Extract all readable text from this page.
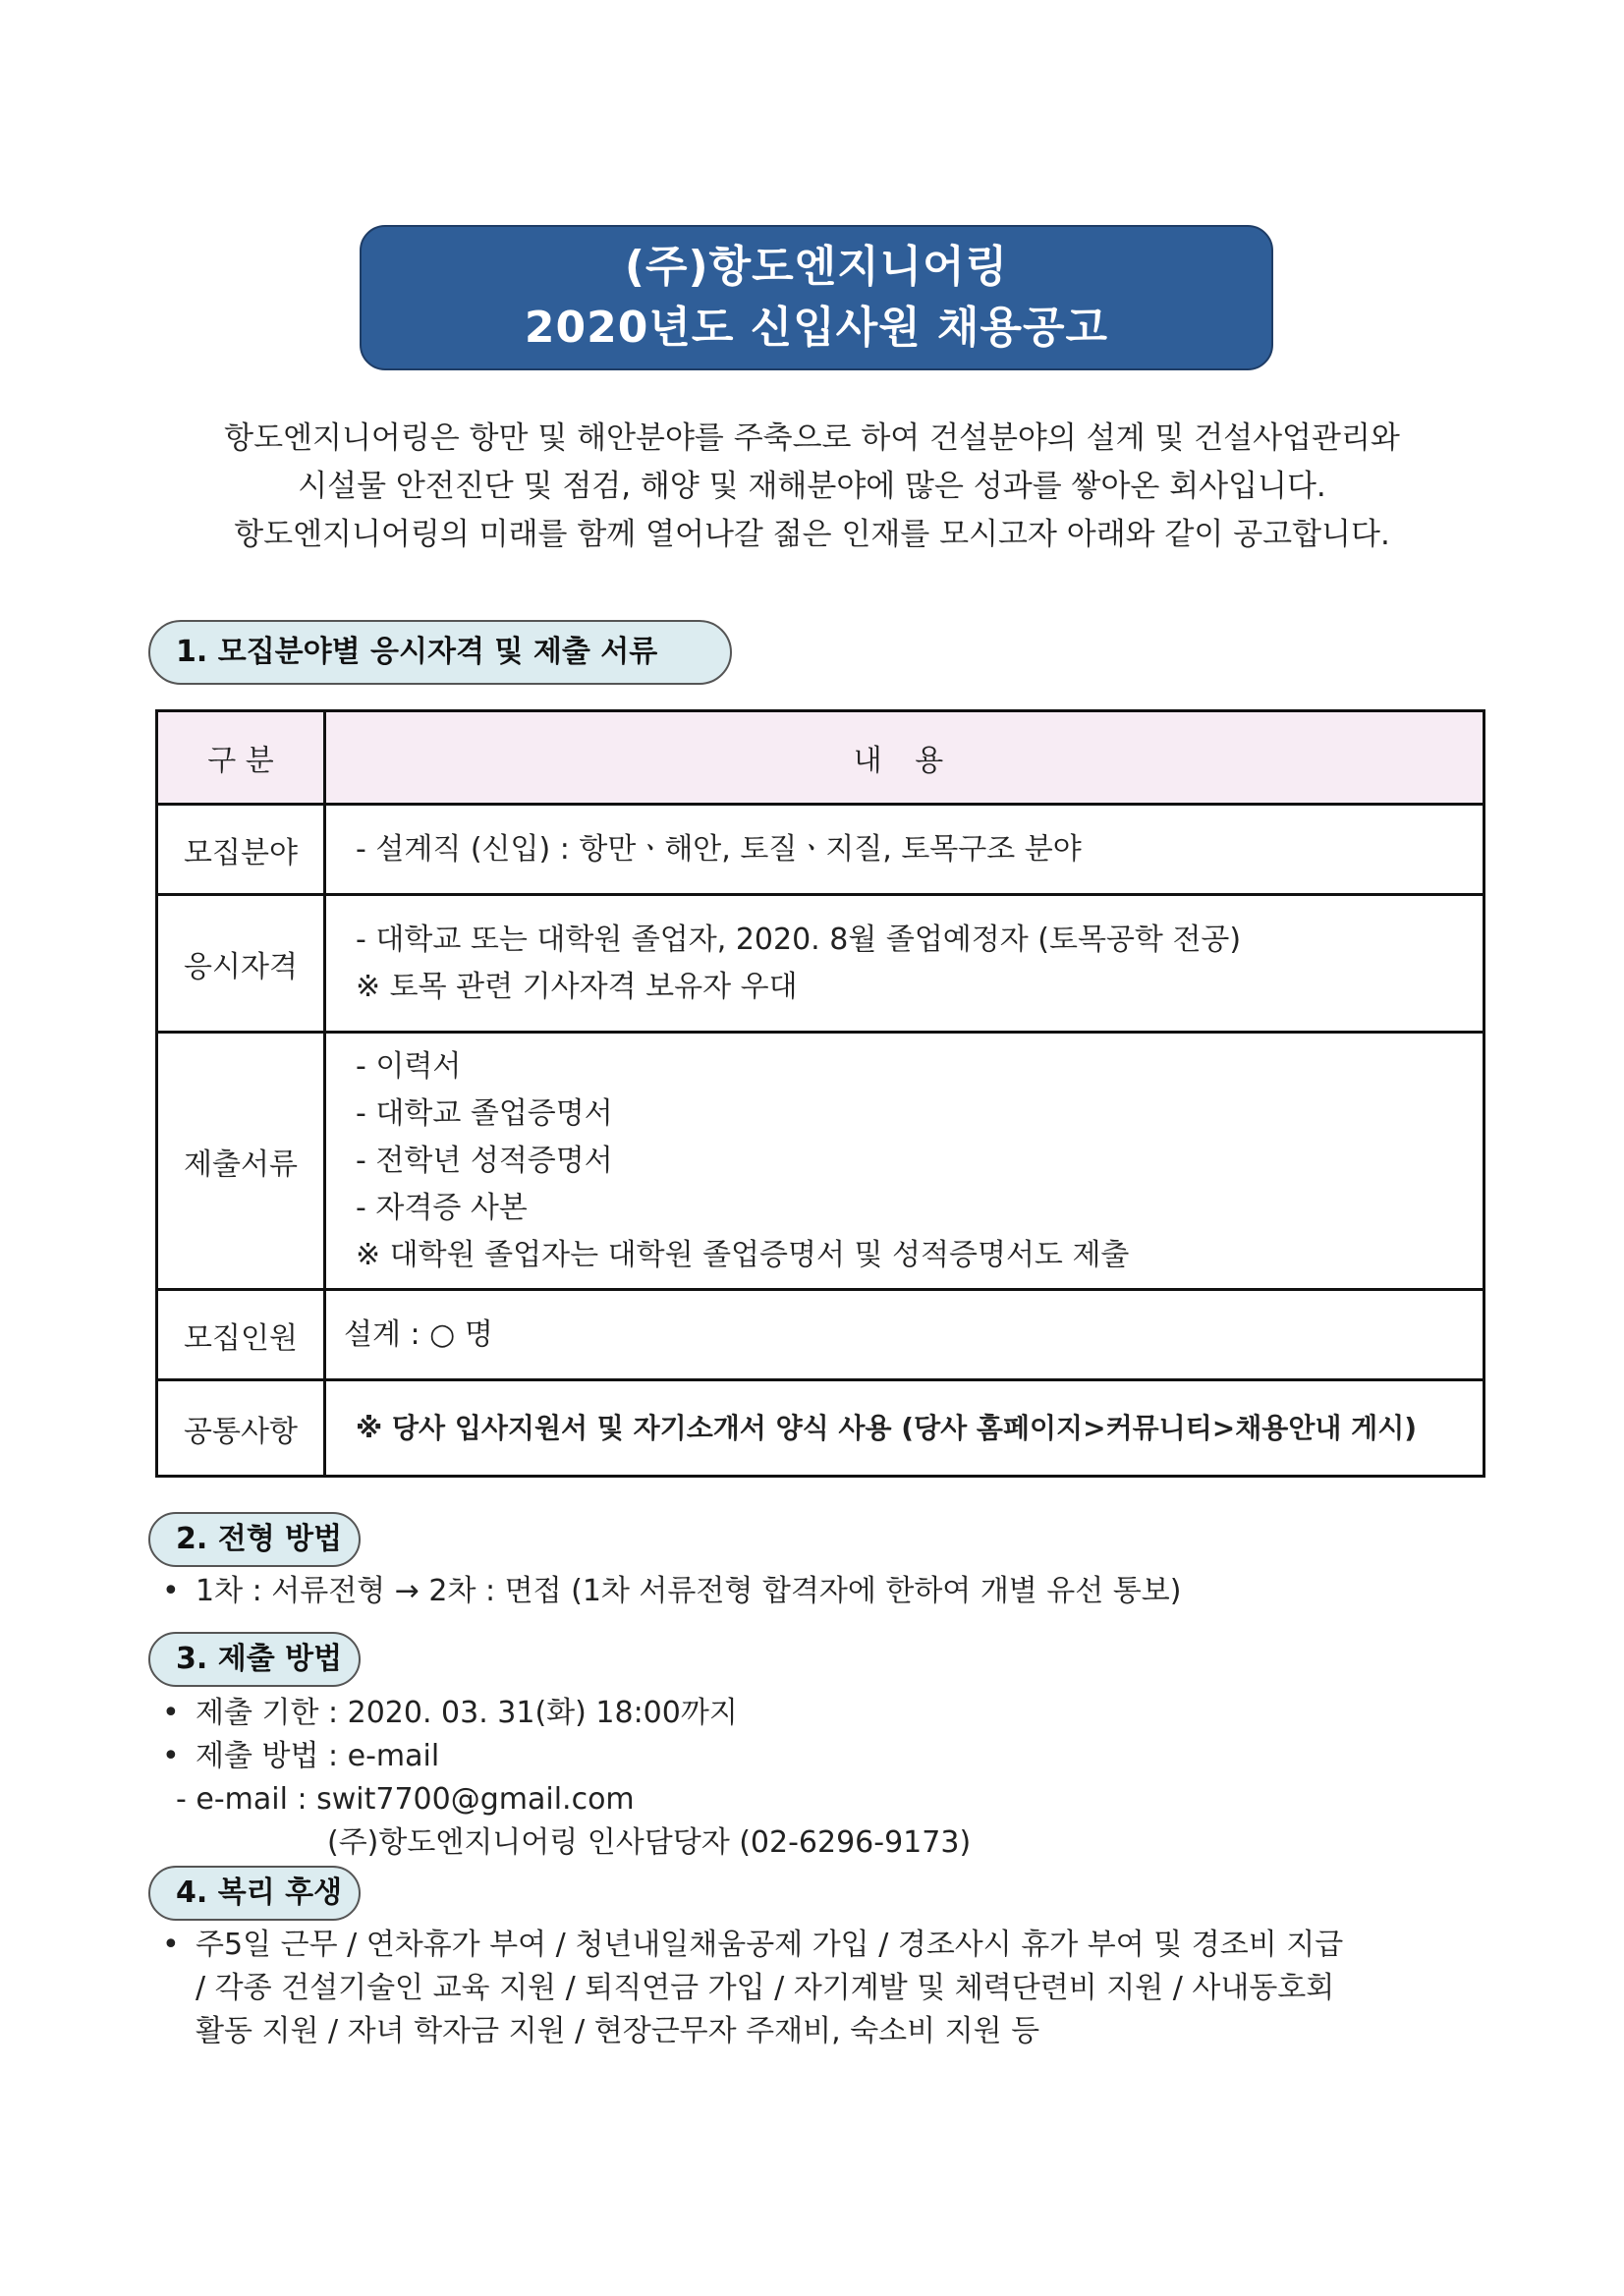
(주)항도엔지니어링
2020년도 신입사원 채용공고
항도엔지니어링은 항만 및 해안분야를 주축으로 하여 건설분야의 설계 및 건설사업관리와
시설물 안전진단 및 점검, 해양 및 재해분야에 많은 성과를 쌓아온 회사입니다.
항도엔지니어링의 미래를 함께 열어나갈 젊은 인재를 모시고자 아래와 같이 공고합니다.
1. 모집분야별 응시자격 및 제출 서류
구 분	내 용
모집분야	- 설계직 (신입) : 항만ㆍ해안, 토질ㆍ지질, 토목구조 분야

응시자격	- 대학교 또는 대학원 졸업자, 2020. 8월 졸업예정자 (토목공학 전공)
※ 토목 관련 기사자격 보유자 우대

제출서류	- 이력서
- 대학교 졸업증명서
- 전학년 성적증명서
- 자격증 사본
※ 대학원 졸업자는 대학원 졸업증명서 및 성적증명서도 제출

모집인원	설계 : ○ 명

공통사항	※ 당사 입사지원서 및 자기소개서 양식 사용 (당사 홈페이지>커뮤니티>채용안내 게시)
2. 전형 방법
• 1차 : 서류전형 → 2차 : 면접 (1차 서류전형 합격자에 한하여 개별 유선 통보)
3. 제출 방법
• 제출 기한 : 2020. 03. 31(화) 18:00까지
• 제출 방법 : e-mail
- e-mail : swit7700@gmail.com
(주)항도엔지니어링 인사담당자 (02-6296-9173)
4. 복리 후생
• 주5일 근무 / 연차휴가 부여 / 청년내일채움공제 가입 / 경조사시 휴가 부여 및 경조비 지급
/ 각종 건설기술인 교육 지원 / 퇴직연금 가입 / 자기계발 및 체력단련비 지원 / 사내동호회
활동 지원 / 자녀 학자금 지원 / 현장근무자 주재비, 숙소비 지원 등
